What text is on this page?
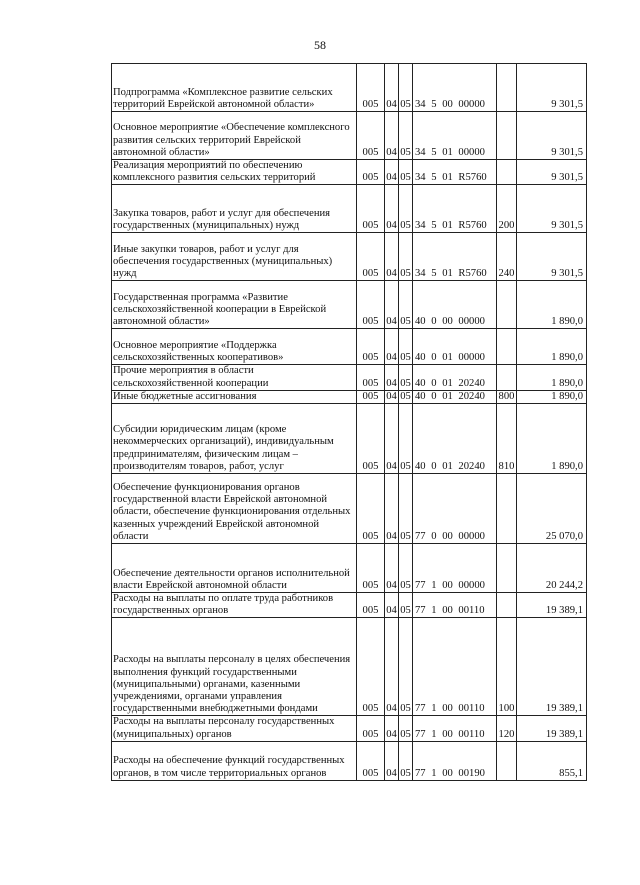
58
Подпрограмма «Комплексное развитие сельских территорий Еврейской автономной области»	005	04	05	34 5 00 00000		9 301,5
Основное мероприятие «Обеспечение комплексного развития сельских территорий Еврейской автономной области»	005	04	05	34 5 01 00000		9 301,5
Реализация мероприятий по обеспечению комплексного развития сельских территорий	005	04	05	34 5 01 R5760		9 301,5
Закупка товаров, работ и услуг для обеспечения государственных (муниципальных) нужд	005	04	05	34 5 01 R5760	200	9 301,5
Иные закупки товаров, работ и услуг для обеспечения государственных (муниципальных) нужд	005	04	05	34 5 01 R5760	240	9 301,5
Государственная программа «Развитие сельскохозяйственной кооперации в Еврейской автономной области»	005	04	05	40 0 00 00000		1 890,0
Основное мероприятие «Поддержка сельскохозяйственных кооперативов»	005	04	05	40 0 01 00000		1 890,0
Прочие мероприятия в области сельскохозяйственной кооперации	005	04	05	40 0 01 20240		1 890,0
Иные бюджетные ассигнования	005	04	05	40 0 01 20240	800	1 890,0
Субсидии юридическим лицам (кроме некоммерческих организаций), индивидуальным предпринимателям, физическим лицам – производителям товаров, работ, услуг	005	04	05	40 0 01 20240	810	1 890,0
Обеспечение функционирования органов государственной власти Еврейской автономной области, обеспечение функционирования отдельных казенных учреждений Еврейской автономной области	005	04	05	77 0 00 00000		25 070,0
Обеспечение деятельности органов исполнительной власти Еврейской автономной области	005	04	05	77 1 00 00000		20 244,2
Расходы на выплаты по оплате труда работников государственных органов	005	04	05	77 1 00 00110		19 389,1
Расходы на выплаты персоналу в целях обеспечения выполнения функций государственными (муниципальными) органами, казенными учреждениями, органами управления государственными внебюджетными фондами	005	04	05	77 1 00 00110	100	19 389,1
Расходы на выплаты персоналу государственных (муниципальных) органов	005	04	05	77 1 00 00110	120	19 389,1
Расходы на обеспечение функций государственных органов, в том числе территориальных органов	005	04	05	77 1 00 00190		855,1
